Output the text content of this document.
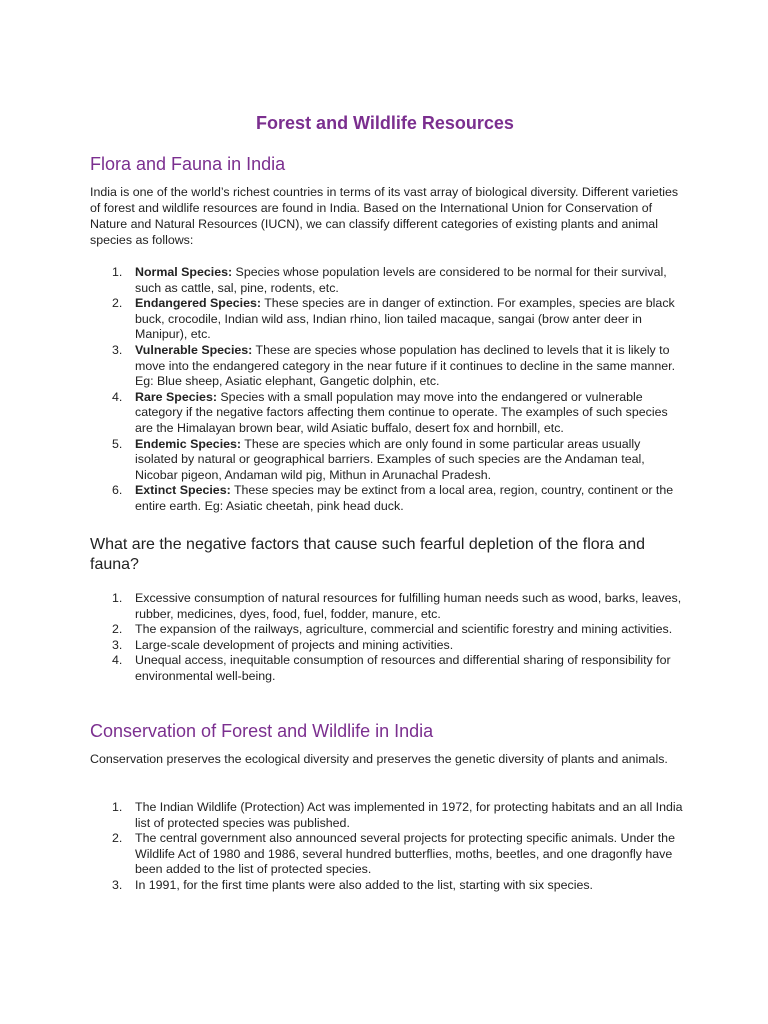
Forest and Wildlife Resources
Flora and Fauna in India

India is one of the world’s richest countries in terms of its vast array of biological diversity. Different varieties of forest and wildlife resources are found in India. Based on the International Union for Conservation of Nature and Natural Resources (IUCN), we can classify different categories of existing plants and animal species as follows:

1. Normal Species: Species whose population levels are considered to be normal for their survival, such as cattle, sal, pine, rodents, etc.
2. Endangered Species: These species are in danger of extinction. For examples, species are black buck, crocodile, Indian wild ass, Indian rhino, lion tailed macaque, sangai (brow anter deer in Manipur), etc.
3. Vulnerable Species: These are species whose population has declined to levels that it is likely to move into the endangered category in the near future if it continues to decline in the same manner. Eg: Blue sheep, Asiatic elephant, Gangetic dolphin, etc.
4. Rare Species: Species with a small population may move into the endangered or vulnerable category if the negative factors affecting them continue to operate. The examples of such species are the Himalayan brown bear, wild Asiatic buffalo, desert fox and hornbill, etc.
5. Endemic Species: These are species which are only found in some particular areas usually isolated by natural or geographical barriers. Examples of such species are the Andaman teal, Nicobar pigeon, Andaman wild pig, Mithun in Arunachal Pradesh.
6. Extinct Species: These species may be extinct from a local area, region, country, continent or the entire earth. Eg: Asiatic cheetah, pink head duck.
What are the negative factors that cause such fearful depletion of the flora and fauna?
1. Excessive consumption of natural resources for fulfilling human needs such as wood, barks, leaves, rubber, medicines, dyes, food, fuel, fodder, manure, etc.
2. The expansion of the railways, agriculture, commercial and scientific forestry and mining activities.
3. Large-scale development of projects and mining activities.
4. Unequal access, inequitable consumption of resources and differential sharing of responsibility for environmental well-being.
Conservation of Forest and Wildlife in India

Conservation preserves the ecological diversity and preserves the genetic diversity of plants and animals.

1. The Indian Wildlife (Protection) Act was implemented in 1972, for protecting habitats and an all India list of protected species was published.
2. The central government also announced several projects for protecting specific animals. Under the Wildlife Act of 1980 and 1986, several hundred butterflies, moths, beetles, and one dragonfly have been added to the list of protected species.
3. In 1991, for the first time plants were also added to the list, starting with six species.
